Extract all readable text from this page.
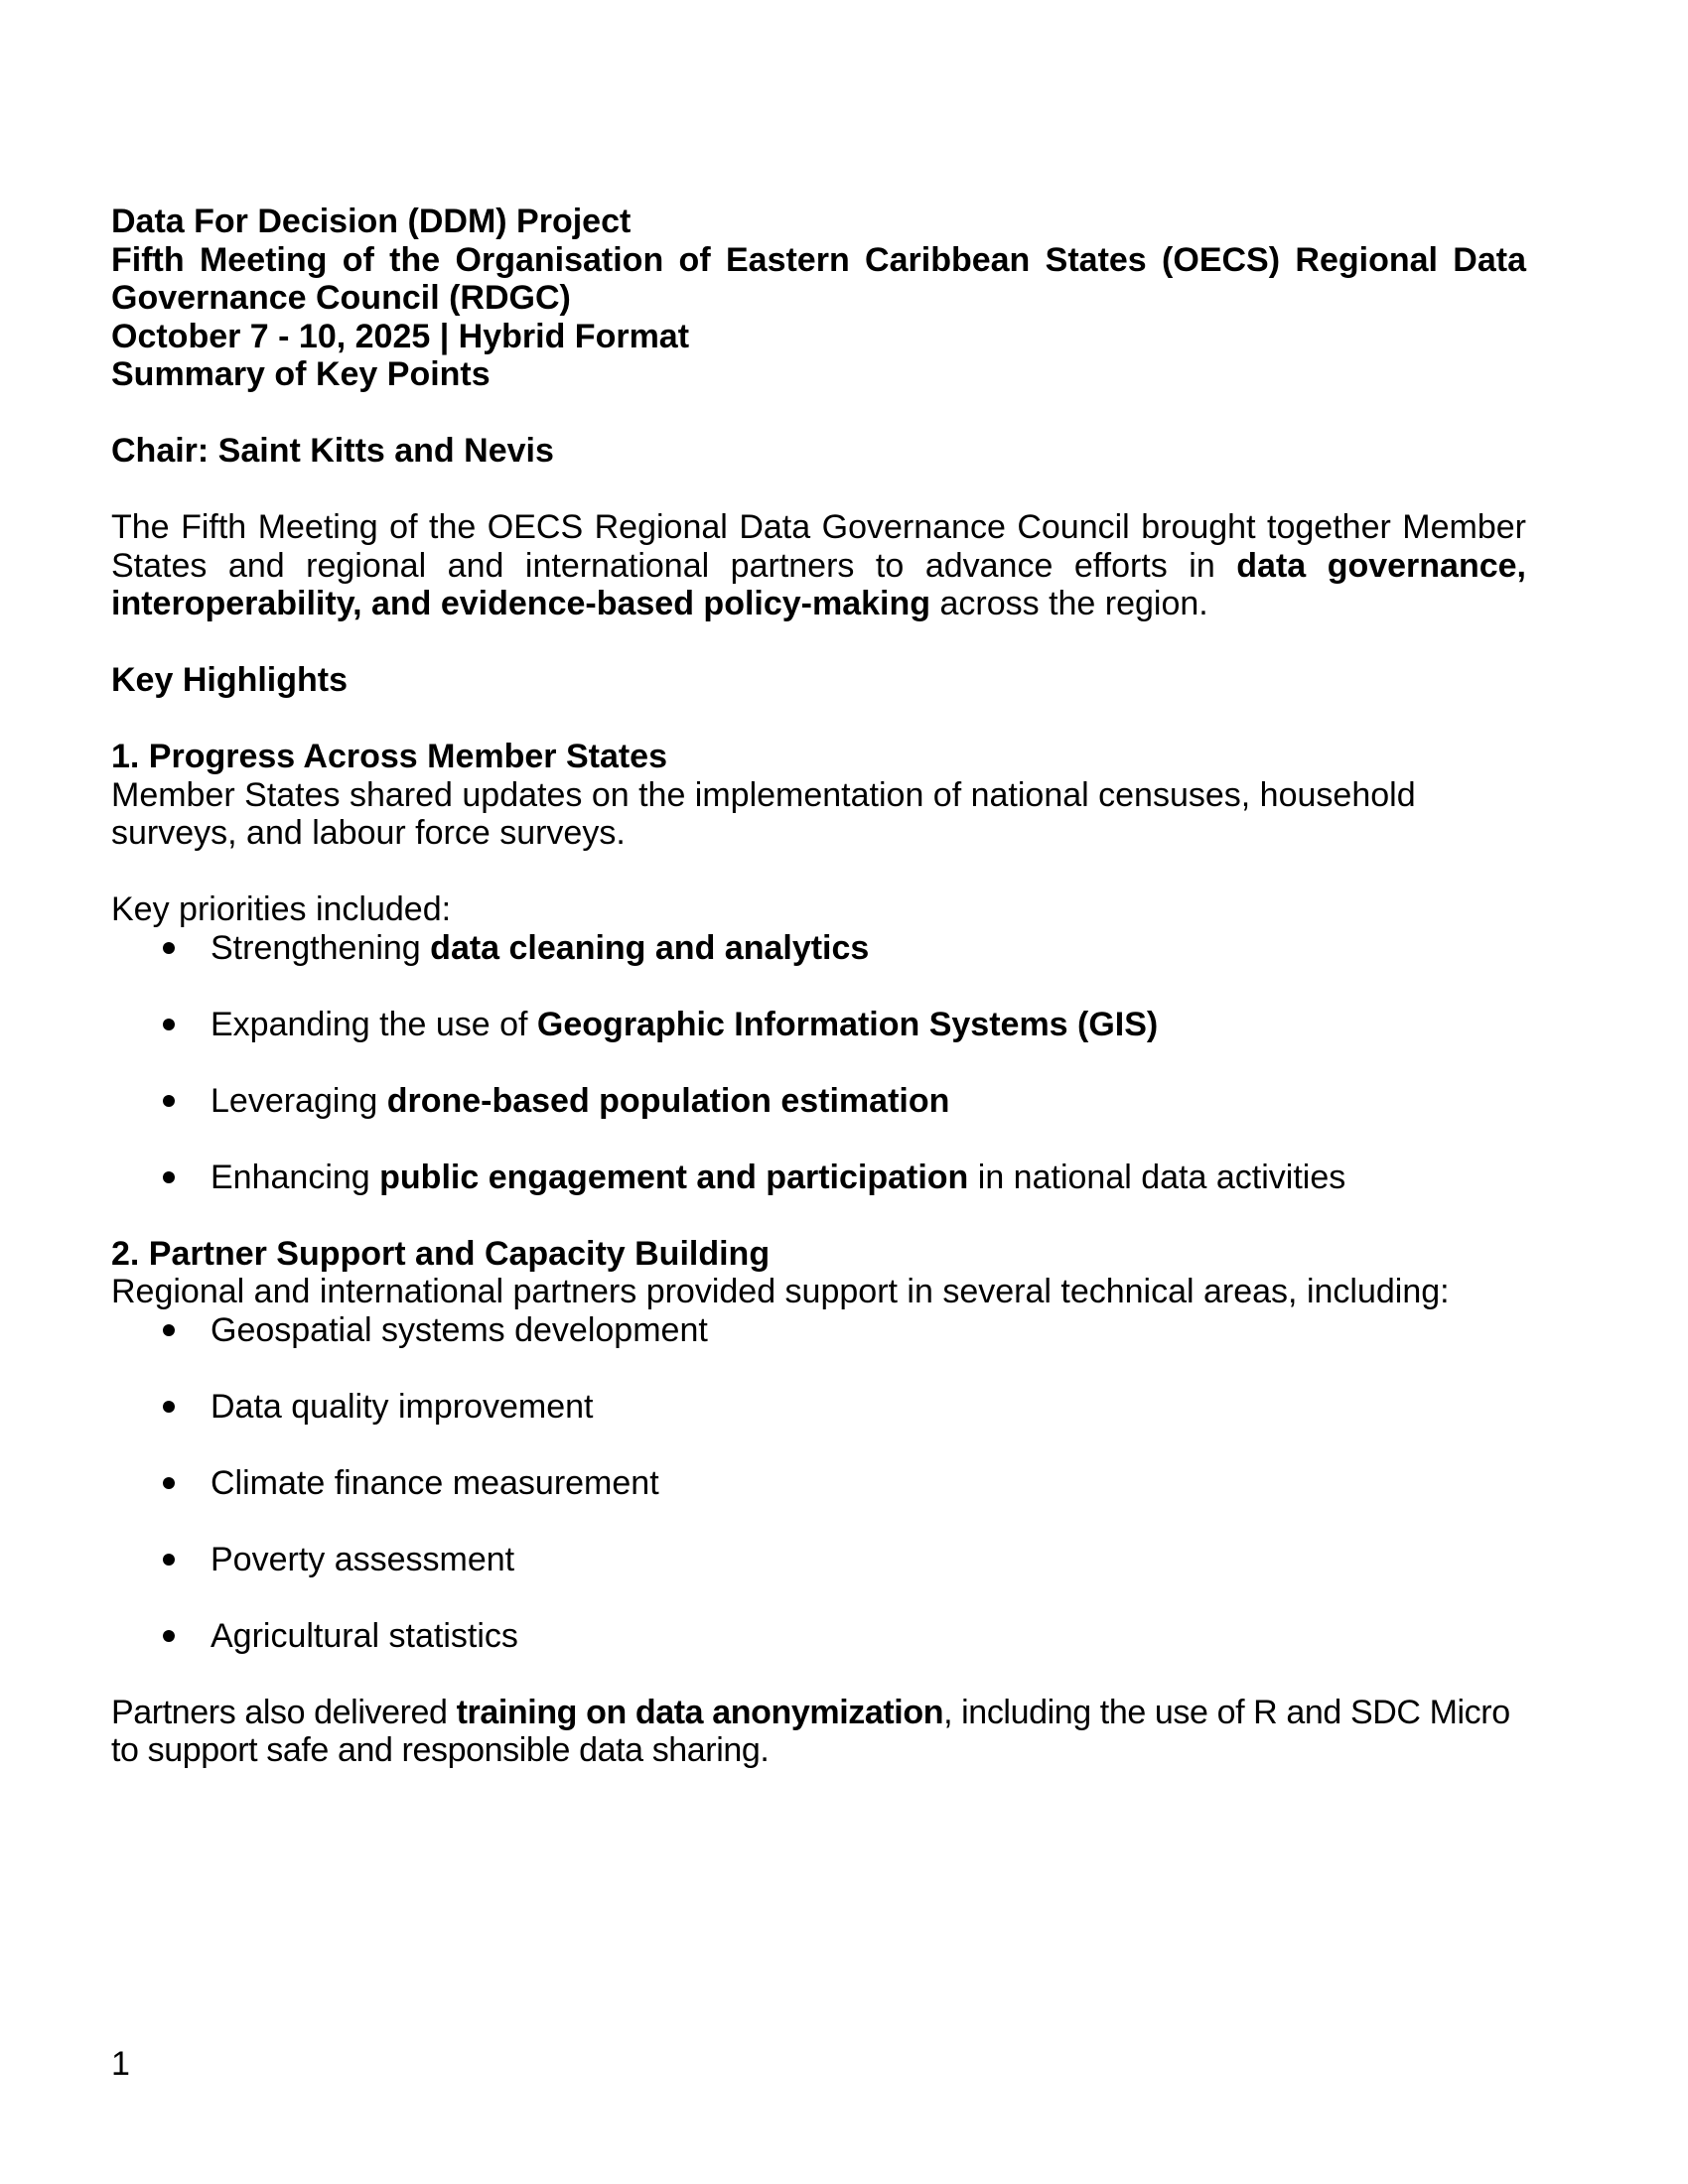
Data For Decision (DDM) Project
Fifth Meeting of the Organisation of Eastern Caribbean States (OECS) Regional Data
Governance Council (RDGC)
October 7 - 10, 2025 | Hybrid Format
Summary of Key Points
Chair: Saint Kitts and Nevis
The Fifth Meeting of the OECS Regional Data Governance Council brought together Member
States and regional and international partners to advance efforts in data governance,
interoperability, and evidence-based policy-making across the region.
Key Highlights
1. Progress Across Member States
Member States shared updates on the implementation of national censuses, household
surveys, and labour force surveys.
Key priorities included:
Strengthening data cleaning and analytics
Expanding the use of Geographic Information Systems (GIS)
Leveraging drone-based population estimation
Enhancing public engagement and participation in national data activities
2. Partner Support and Capacity Building
Regional and international partners provided support in several technical areas, including:
Geospatial systems development
Data quality improvement
Climate finance measurement
Poverty assessment
Agricultural statistics
Partners also delivered training on data anonymization, including the use of R and SDC Micro
to support safe and responsible data sharing.
1
